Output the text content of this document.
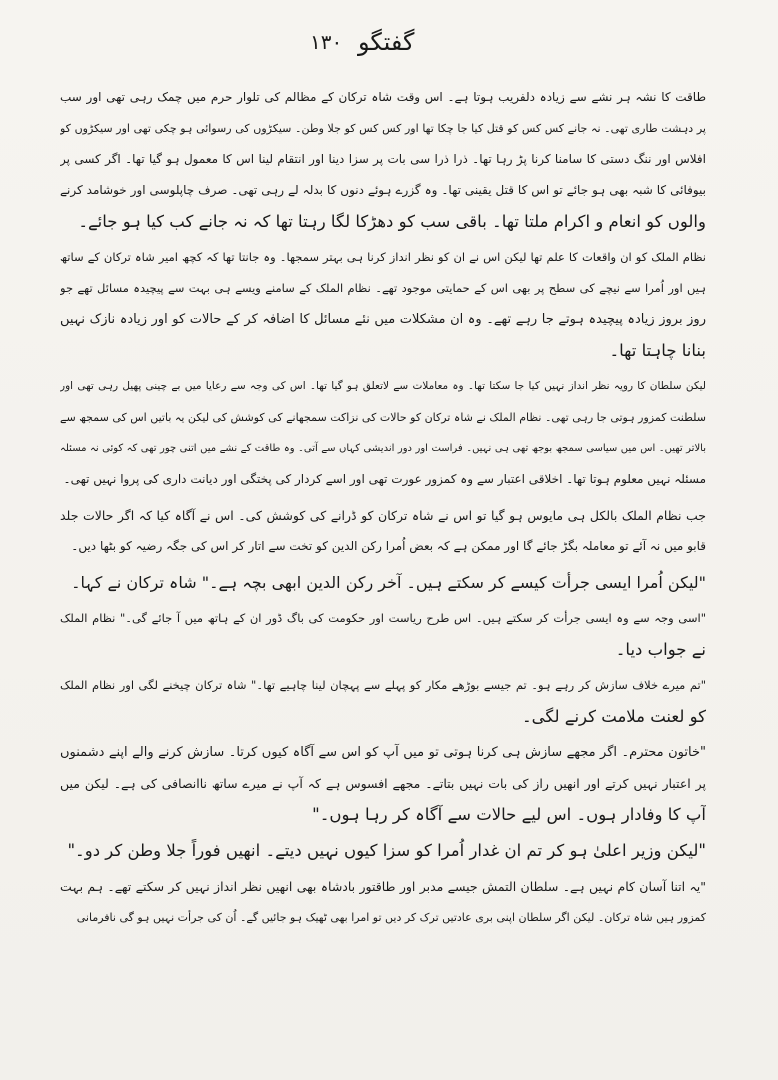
گفتگو
۱۳۰
طاقت کا نشہ ہر نشے سے زیادہ دلفریب ہوتا ہے۔ اس وقت شاہ ترکان کے مظالم کی تلوار حرم میں چمک رہی تھی اور سب
پر دہشت طاری تھی۔ نہ جانے کس کس کو قتل کیا جا چکا تھا اور کس کس کو جلا وطن۔ سیکڑوں کی رسوائی ہو چکی تھی اور سیکڑوں کو
افلاس اور ننگ دستی کا سامنا کرنا پڑ رہا تھا۔ ذرا ذرا سی بات پر سزا دینا اور انتقام لینا اس کا معمول ہو گیا تھا۔ اگر کسی پر
بیوفائی کا شبہ بھی ہو جائے تو اس کا قتل یقینی تھا۔ وہ گزرے ہوئے دنوں کا بدلہ لے رہی تھی۔ صرف چاپلوسی اور خوشامد کرنے
والوں کو انعام و اکرام ملتا تھا۔ باقی سب کو دھڑکا لگا رہتا تھا کہ نہ جانے کب کیا ہو جائے۔
نظام الملک کو ان واقعات کا علم تھا لیکن اس نے ان کو نظر انداز کرنا ہی بہتر سمجھا۔ وہ جانتا تھا کہ کچھ امیر شاہ ترکان کے ساتھ
ہیں اور اُمرا سے نیچے کی سطح پر بھی اس کے حمایتی موجود تھے۔ نظام الملک کے سامنے ویسے ہی بہت سے پیچیدہ مسائل تھے جو
روز بروز زیادہ پیچیدہ ہوتے جا رہے تھے۔ وہ ان مشکلات میں نئے مسائل کا اضافہ کر کے حالات کو اور زیادہ نازک نہیں
بنانا چاہتا تھا۔
لیکن سلطان کا رویہ نظر انداز نہیں کیا جا سکتا تھا۔ وہ معاملات سے لاتعلق ہو گیا تھا۔ اس کی وجہ سے رعایا میں بے چینی پھیل رہی تھی اور
سلطنت کمزور ہوتی جا رہی تھی۔ نظام الملک نے شاہ ترکان کو حالات کی نزاکت سمجھانے کی کوشش کی لیکن یہ باتیں اس کی سمجھ سے
بالاتر تھیں۔ اس میں سیاسی سمجھ بوجھ تھی ہی نہیں۔ فراست اور دور اندیشی کہاں سے آتی۔ وہ طاقت کے نشے میں اتنی چور تھی کہ کوئی نہ مسئلہ
مسئلہ نہیں معلوم ہوتا تھا۔ اخلاقی اعتبار سے وہ کمزور عورت تھی اور اسے کردار کی پختگی اور دیانت داری کی پروا نہیں تھی۔
جب نظام الملک بالکل ہی مایوس ہو گیا تو اس نے شاہ ترکان کو ڈرانے کی کوشش کی۔ اس نے آگاہ کیا کہ اگر حالات جلد
قابو میں نہ آئے تو معاملہ بگڑ جائے گا اور ممکن ہے کہ بعض اُمرا رکن الدین کو تخت سے اتار کر اس کی جگہ رضیہ کو بٹھا دیں۔
"لیکن اُمرا ایسی جرأت کیسے کر سکتے ہیں۔ آخر رکن الدین ابھی بچہ ہے۔" شاہ ترکان نے کہا۔
"اسی وجہ سے وہ ایسی جرأت کر سکتے ہیں۔ اس طرح ریاست اور حکومت کی باگ ڈور ان کے ہاتھ میں آ جائے گی۔" نظام الملک
نے جواب دیا۔
"تم میرے خلاف سازش کر رہے ہو۔ تم جیسے بوڑھے مکار کو پہلے سے پہچان لینا چاہیے تھا۔" شاہ ترکان چیخنے لگی اور نظام الملک
کو لعنت ملامت کرنے لگی۔
"خاتون محترم۔ اگر مجھے سازش ہی کرنا ہوتی تو میں آپ کو اس سے آگاہ کیوں کرتا۔ سازش کرنے والے اپنے دشمنوں
پر اعتبار نہیں کرتے اور انھیں راز کی بات نہیں بتاتے۔ مجھے افسوس ہے کہ آپ نے میرے ساتھ ناانصافی کی ہے۔ لیکن میں
آپ کا وفادار ہوں۔ اس لیے حالات سے آگاہ کر رہا ہوں۔"
"لیکن وزیر اعلیٰ ہو کر تم ان غدار اُمرا کو سزا کیوں نہیں دیتے۔ انھیں فوراً جلا وطن کر دو۔"
"یہ اتنا آسان کام نہیں ہے۔ سلطان التمش جیسے مدبر اور طاقتور بادشاہ بھی انھیں نظر انداز نہیں کر سکتے تھے۔ ہم بہت
کمزور ہیں شاہ ترکان۔ لیکن اگر سلطان اپنی بری عادتیں ترک کر دیں تو امرا بھی ٹھیک ہو جائیں گے۔ اُن کی جرأت نہیں ہو گی نافرمانی
